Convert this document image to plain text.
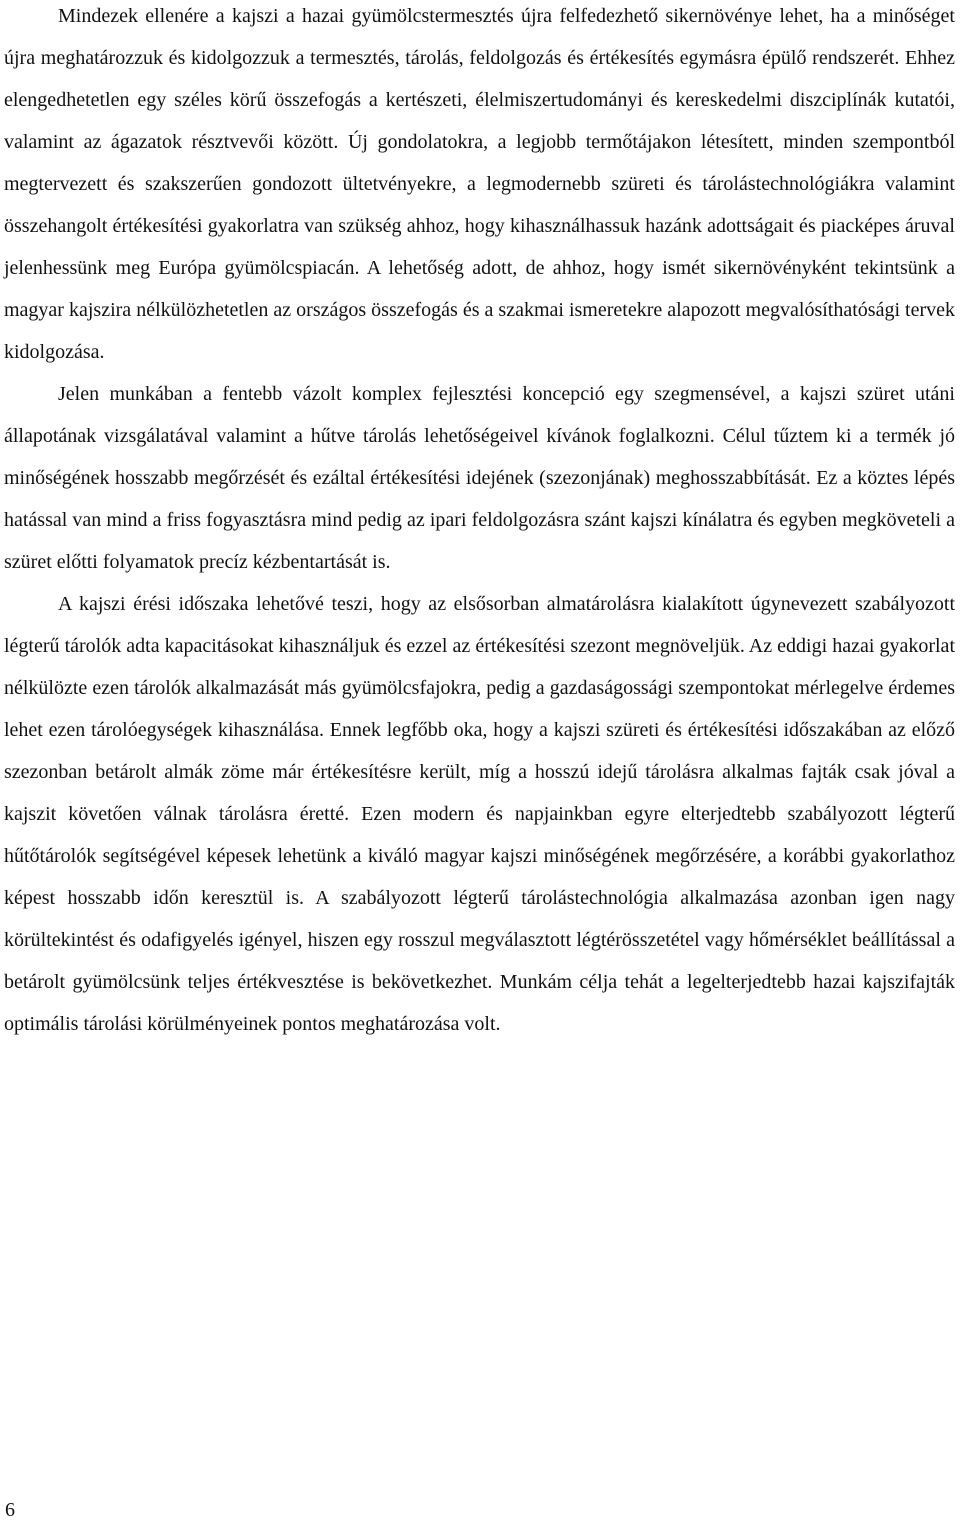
Mindezek ellenére a kajszi a hazai gyümölcstermesztés újra felfedezhető sikernövénye lehet, ha a minőséget újra meghatározzuk és kidolgozzuk a termesztés, tárolás, feldolgozás és értékesítés egymásra épülő rendszerét. Ehhez elengedhetetlen egy széles körű összefogás a kertészeti, élelmiszertudományi és kereskedelmi diszciplínák kutatói, valamint az ágazatok résztvevői között. Új gondolatokra, a legjobb termőtájakon létesített, minden szempontból megtervezett és szakszerűen gondozott ültetvényekre, a legmodernebb szüreti és tárolástechnológiákra valamint összehangolt értékesítési gyakorlatra van szükség ahhoz, hogy kihasználhassuk hazánk adottságait és piacképes áruval jelenhessünk meg Európa gyümölcspiacán. A lehetőség adott, de ahhoz, hogy ismét sikernövényként tekintsünk a magyar kajszira nélkülözhetetlen az országos összefogás és a szakmai ismeretekre alapozott megvalósíthatósági tervek kidolgozása.

Jelen munkában a fentebb vázolt komplex fejlesztési koncepció egy szegmensével, a kajszi szüret utáni állapotának vizsgálatával valamint a hűtve tárolás lehetőségeivel kívánok foglalkozni. Célul tűztem ki a termék jó minőségének hosszabb megőrzését és ezáltal értékesítési idejének (szezonjának) meghosszabbítását. Ez a köztes lépés hatással van mind a friss fogyasztásra mind pedig az ipari feldolgozásra szánt kajszi kínálatra és egyben megköveteli a szüret előtti folyamatok precíz kézbentartását is.

A kajszi érési időszaka lehetővé teszi, hogy az elsősorban almatárolásra kialakított úgynevezett szabályozott légterű tárolók adta kapacitásokat kihasználjuk és ezzel az értékesítési szezont megnöveljük. Az eddigi hazai gyakorlat nélkülözte ezen tárolók alkalmazását más gyümölcsfajokra, pedig a gazdaságossági szempontokat mérlegelve érdemes lehet ezen tárolóegységek kihasználása. Ennek legfőbb oka, hogy a kajszi szüreti és értékesítési időszakában az előző szezonban betárolt almák zöme már értékesítésre került, míg a hosszú idejű tárolásra alkalmas fajták csak jóval a kajszit követően válnak tárolásra éretté. Ezen modern és napjainkban egyre elterjedtebb szabályozott légterű hűtőtárolók segítségével képesek lehetünk a kiváló magyar kajszi minőségének megőrzésére, a korábbi gyakorlathoz képest hosszabb időn keresztül is. A szabályozott légterű tárolástechnológia alkalmazása azonban igen nagy körültekintést és odafigyelés igényel, hiszen egy rosszul megválasztott légtérösszetétel vagy hőmérséklet beállítással a betárolt gyümölcsünk teljes értékvesztése is bekövetkezhet. Munkám célja tehát a legelterjedtebb hazai kajszifajták optimális tárolási körülményeinek pontos meghatározása volt.

6
